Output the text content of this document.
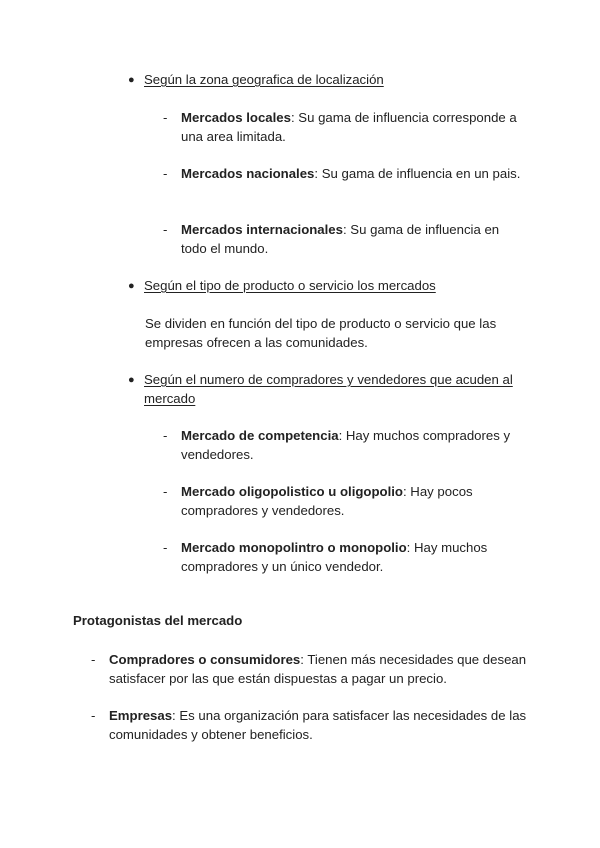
● Según la zona geografica de localización
-	Mercados locales: Su gama de influencia corresponde a una area limitada.
-	Mercados nacionales: Su gama de influencia en un pais.
-	Mercados internacionales: Su gama de influencia en todo el mundo.
● Según el tipo de producto o servicio los mercados
Se dividen en función del tipo de producto o servicio que las empresas ofrecen a las comunidades.
● Según el numero de compradores y vendedores que acuden al mercado
-	Mercado de competencia: Hay muchos compradores y vendedores.
-	Mercado oligopolistico u oligopolio: Hay pocos compradores y vendedores.
-	Mercado monopolintro o monopolio: Hay muchos compradores y un único vendedor.
Protagonistas del mercado
-	Compradores o consumidores: Tienen más necesidades que desean satisfacer por las que están dispuestas a pagar un precio.
-	Empresas: Es una organización para satisfacer las necesidades de las comunidades y obtener beneficios.
